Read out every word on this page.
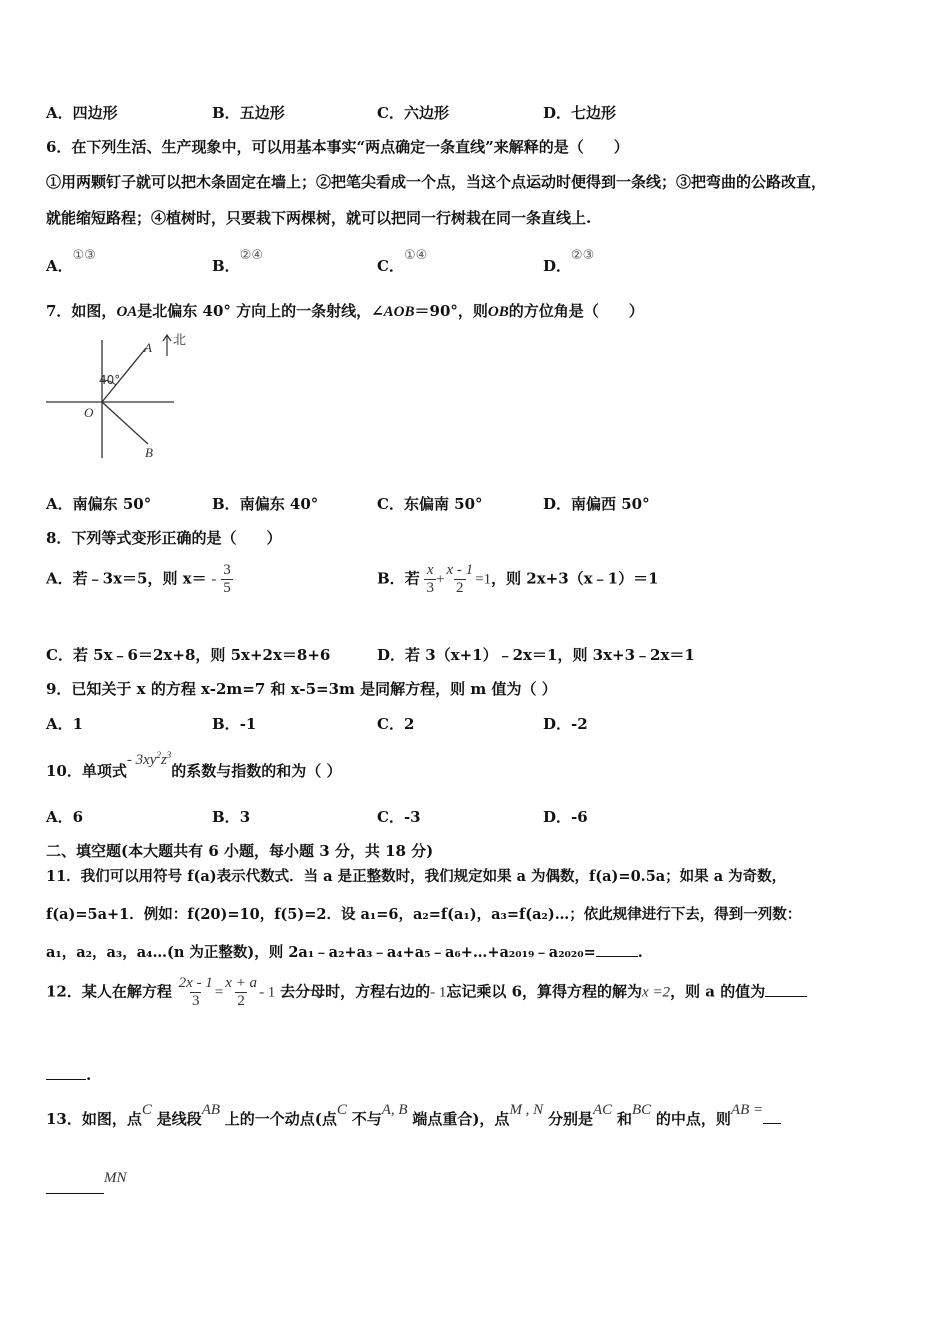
A．四边形	B．五边形	C．六边形	D．七边形
6．在下列生活、生产现象中，可以用基本事实“两点确定一条直线”来解释的是（　　）
①用两颗钉子就可以把木条固定在墙上；②把笔尖看成一个点，当这个点运动时便得到一条线；③把弯曲的公路改直，
就能缩短路程；④植树时，只要栽下两棵树，就可以把同一行树栽在同一条直线上.
A．①③
B．②④
C．①④
D．②③
7．如图，OA是北偏东 40° 方向上的一条射线，∠AOB＝90°，则OB的方位角是（　　）
A 北
40°
O
B
A．南偏东 50°	B．南偏东 40°	C．东偏南 50°	D．南偏西 50°
8．下列等式变形正确的是（　　）
A．若﹣3x＝5，则 $x= - \frac{3}{5}$	B．若 $\frac{x}{3} + \frac{x - 1}{2} =1$，则 2x+3（x﹣1）＝1
C．若 5x﹣6＝2x+8，则 5x+2x＝8+6	D．若 3（x+1）﹣2x＝1，则 3x+3﹣2x＝1
9．已知关于 x 的方程 x-2m=7 和 x-5=3m 是同解方程，则 m 值为（ ）
A．1	B．-1	C．2	D．-2
10．单项式- $3xy^2z^3$的系数与指数的和为（ ）
A．6	B．3	C．-3	D．-6
二、填空题(本大题共有 6 小题，每小题 3 分，共 18 分)
11．我们可以用符号 f(a)表示代数式．当 a 是正整数时，我们规定如果 a 为偶数，f(a)=0.5a；如果 a 为奇数，
f(a)=5a+1．例如：f(20)=10，f(5)=2．设 a₁=6，a₂=f(a₁)，a₃=f(a₂)…；依此规律进行下去，得到一列数：
a₁，a₂，a₃，a₄…(n 为正整数)，则 2a₁﹣a₂+a₃﹣a₄+a₅﹣a₆+…+a₂₀₁₉﹣a₂₀₂₀=	.
12．某人在解方程 $\frac{2x - 1}{3} = \frac{x + a}{2} - 1$ 去分母时，方程右边的- 1忘记乘以 6，算得方程的解为x =2，则 a 的值为
.
13．如图，点C 是线段AB 上的一个动点(点C 不与A, B 端点重合)，点M , N 分别是AC 和BC 的中点，则AB =
MN
